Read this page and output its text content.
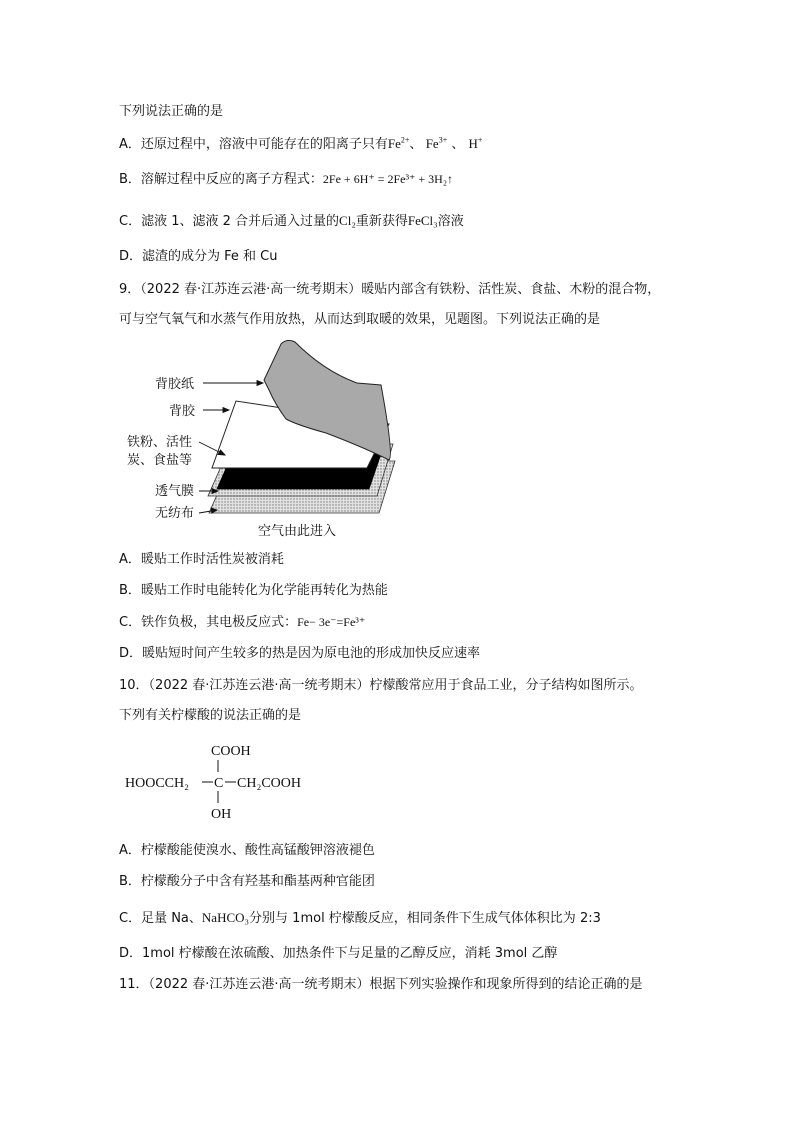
下列说法正确的是
A．还原过程中，溶液中可能存在的阳离子只有$Fe^{2+}$、 $Fe^{3+}$ 、 H+
B．溶解过程中反应的离子方程式：2Fe + 6H⁺ = 2Fe³⁺ + 3H₂↑
C．滤液 1、滤液 2 合并后通入过量的Cl₂重新获得FeCl₃溶液
D．滤渣的成分为 Fe 和 Cu
9．（2022 春·江苏连云港·高一统考期末）暖贴内部含有铁粉、活性炭、食盐、木粉的混合物，
可与空气氧气和水蒸气作用放热，从而达到取暖的效果，见题图。下列说法正确的是
背胶纸
背胶
铁粉、活性
炭、食盐等
透气膜
无纺布
空气由此进入
A．暖贴工作时活性炭被消耗
B．暖贴工作时电能转化为化学能再转化为热能
C．铁作负极，其电极反应式：Fe− 3e⁻=Fe³⁺
D．暖贴短时间产生较多的热是因为原电池的形成加快反应速率
10．（2022 春·江苏连云港·高一统考期末）柠檬酸常应用于食品工业，分子结构如图所示。
下列有关柠檬酸的说法正确的是
COOH
HOOCCH₂ C CH₂COOH
OH
A．柠檬酸能使溴水、酸性高锰酸钾溶液褪色
B．柠檬酸分子中含有羟基和酯基两种官能团
C．足量 Na、NaHCO₃分别与 1mol 柠檬酸反应，相同条件下生成气体体积比为 2:3
D．1mol 柠檬酸在浓硫酸、加热条件下与足量的乙醇反应，消耗 3mol 乙醇
11．（2022 春·江苏连云港·高一统考期末）根据下列实验操作和现象所得到的结论正确的是
